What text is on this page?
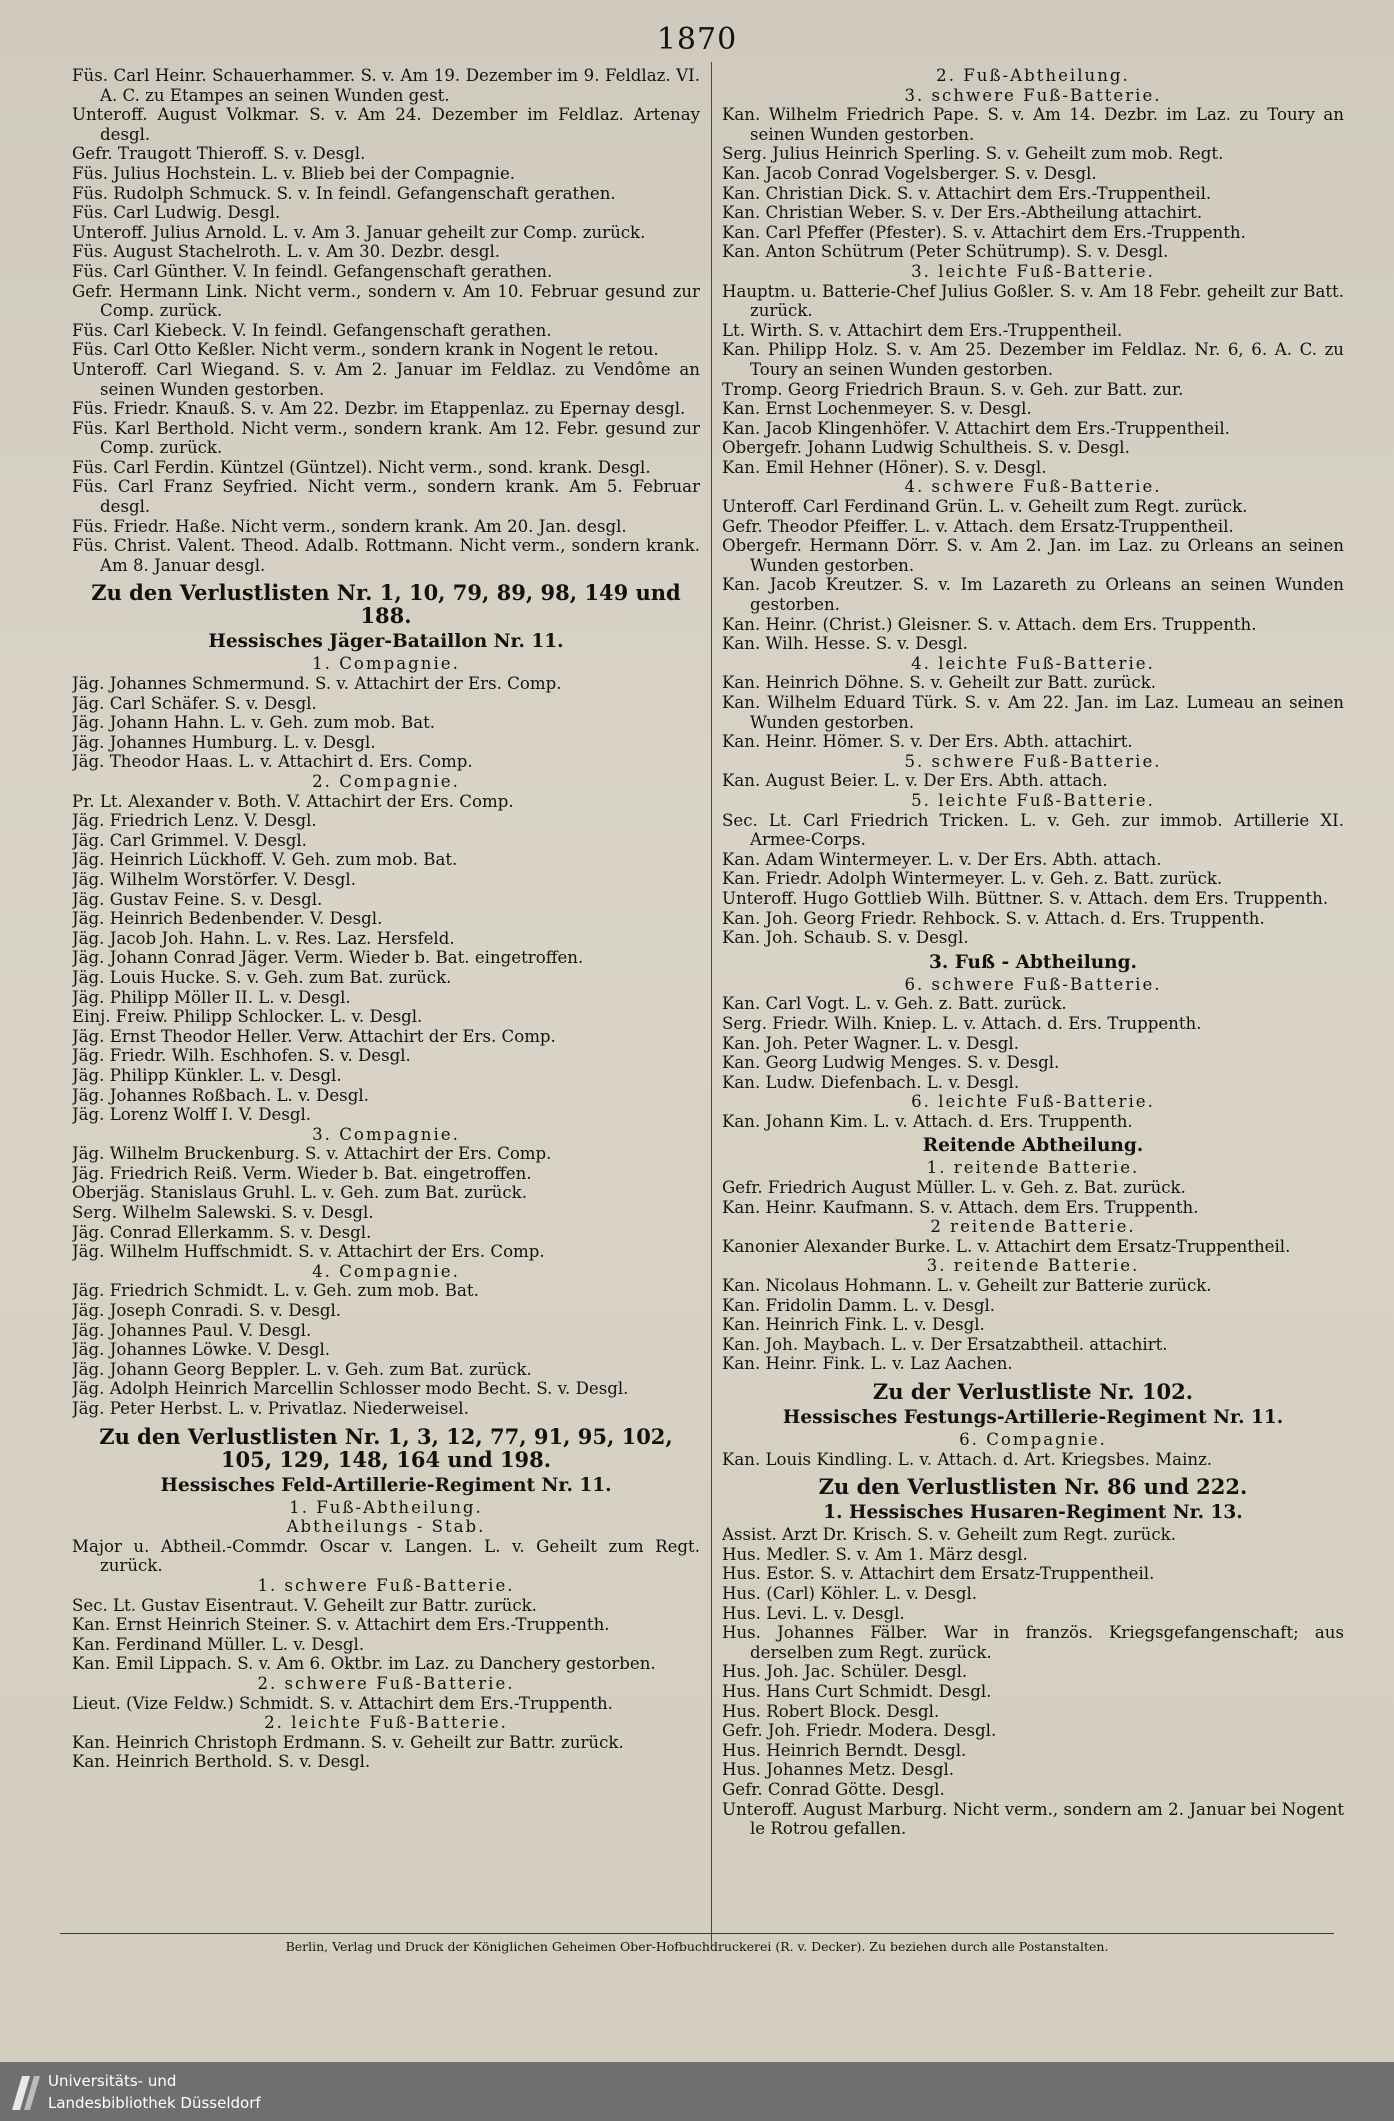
1870

Füs. Carl Heinr. Schauerhammer. S. v. Am 19. Dezember im 9. Feldlaz. VI. A. C. zu Etampes an seinen Wunden gest.

Unteroff. August Volkmar. S. v. Am 24. Dezember im Feldlaz. Artenay desgl.

Gefr. Traugott Thieroff. S. v. Desgl.

Füs. Julius Hochstein. L. v. Blieb bei der Compagnie.

Füs. Rudolph Schmuck. S. v. In feindl. Gefangenschaft gerathen.

Füs. Carl Ludwig. Desgl.

Unteroff. Julius Arnold. L. v. Am 3. Januar geheilt zur Comp. zurück.

Füs. August Stachelroth. L. v. Am 30. Dezbr. desgl.

Füs. Carl Günther. V. In feindl. Gefangenschaft gerathen.

Gefr. Hermann Link. Nicht verm., sondern v. Am 10. Februar gesund zur Comp. zurück.

Füs. Carl Kiebeck. V. In feindl. Gefangenschaft gerathen.

Füs. Carl Otto Keßler. Nicht verm., sondern krank in Nogent le retou.

Unteroff. Carl Wiegand. S. v. Am 2. Januar im Feldlaz. zu Vendôme an seinen Wunden gestorben.

Füs. Friedr. Knauß. S. v. Am 22. Dezbr. im Etappenlaz. zu Epernay desgl.

Füs. Karl Berthold. Nicht verm., sondern krank. Am 12. Febr. gesund zur Comp. zurück.

Füs. Carl Ferdin. Küntzel (Güntzel). Nicht verm., sond. krank. Desgl.

Füs. Carl Franz Seyfried. Nicht verm., sondern krank. Am 5. Februar desgl.

Füs. Friedr. Haße. Nicht verm., sondern krank. Am 20. Jan. desgl.

Füs. Christ. Valent. Theod. Adalb. Rottmann. Nicht verm., sondern krank. Am 8. Januar desgl.

Zu den Verlustlisten Nr. 1, 10, 79, 89, 98, 149 und 188.

Hessisches Jäger-Bataillon Nr. 11.

1. Compagnie.

Jäg. Johannes Schmermund. S. v. Attachirt der Ers. Comp.

Jäg. Carl Schäfer. S. v. Desgl.

Jäg. Johann Hahn. L. v. Geh. zum mob. Bat.

Jäg. Johannes Humburg. L. v. Desgl.

Jäg. Theodor Haas. L. v. Attachirt d. Ers. Comp.

2. Compagnie.

Pr. Lt. Alexander v. Both. V. Attachirt der Ers. Comp.

Jäg. Friedrich Lenz. V. Desgl.

Jäg. Carl Grimmel. V. Desgl.

Jäg. Heinrich Lückhoff. V. Geh. zum mob. Bat.

Jäg. Wilhelm Worstörfer. V. Desgl.

Jäg. Gustav Feine. S. v. Desgl.

Jäg. Heinrich Bedenbender. V. Desgl.

Jäg. Jacob Joh. Hahn. L. v. Res. Laz. Hersfeld.

Jäg. Johann Conrad Jäger. Verm. Wieder b. Bat. eingetroffen.

Jäg. Louis Hucke. S. v. Geh. zum Bat. zurück.

Jäg. Philipp Möller II. L. v. Desgl.

Einj. Freiw. Philipp Schlocker. L. v. Desgl.

Jäg. Ernst Theodor Heller. Verw. Attachirt der Ers. Comp.

Jäg. Friedr. Wilh. Eschhofen. S. v. Desgl.

Jäg. Philipp Künkler. L. v. Desgl.

Jäg. Johannes Roßbach. L. v. Desgl.

Jäg. Lorenz Wolff I. V. Desgl.

3. Compagnie.

Jäg. Wilhelm Bruckenburg. S. v. Attachirt der Ers. Comp.

Jäg. Friedrich Reiß. Verm. Wieder b. Bat. eingetroffen.

Oberjäg. Stanislaus Gruhl. L. v. Geh. zum Bat. zurück.

Serg. Wilhelm Salewski. S. v. Desgl.

Jäg. Conrad Ellerkamm. S. v. Desgl.

Jäg. Wilhelm Huffschmidt. S. v. Attachirt der Ers. Comp.

4. Compagnie.

Jäg. Friedrich Schmidt. L. v. Geh. zum mob. Bat.

Jäg. Joseph Conradi. S. v. Desgl.

Jäg. Johannes Paul. V. Desgl.

Jäg. Johannes Löwke. V. Desgl.

Jäg. Johann Georg Beppler. L. v. Geh. zum Bat. zurück.

Jäg. Adolph Heinrich Marcellin Schlosser modo Becht. S. v. Desgl.

Jäg. Peter Herbst. L. v. Privatlaz. Niederweisel.

Zu den Verlustlisten Nr. 1, 3, 12, 77, 91, 95, 102, 105, 129, 148, 164 und 198.

Hessisches Feld-Artillerie-Regiment Nr. 11.

1. Fuß-Abtheilung.

Abtheilungs - Stab.

Major u. Abtheil.-Commdr. Oscar v. Langen. L. v. Geheilt zum Regt. zurück.

1. schwere Fuß-Batterie.

Sec. Lt. Gustav Eisentraut. V. Geheilt zur Battr. zurück.

Kan. Ernst Heinrich Steiner. S. v. Attachirt dem Ers.-Truppenth.

Kan. Ferdinand Müller. L. v. Desgl.

Kan. Emil Lippach. S. v. Am 6. Oktbr. im Laz. zu Danchery gestorben.

2. schwere Fuß-Batterie.

Lieut. (Vize Feldw.) Schmidt. S. v. Attachirt dem Ers.-Truppenth.

2. leichte Fuß-Batterie.

Kan. Heinrich Christoph Erdmann. S. v. Geheilt zur Battr. zurück.

Kan. Heinrich Berthold. S. v. Desgl.

2. Fuß-Abtheilung.

3. schwere Fuß-Batterie.

Kan. Wilhelm Friedrich Pape. S. v. Am 14. Dezbr. im Laz. zu Toury an seinen Wunden gestorben.

Serg. Julius Heinrich Sperling. S. v. Geheilt zum mob. Regt.

Kan. Jacob Conrad Vogelsberger. S. v. Desgl.

Kan. Christian Dick. S. v. Attachirt dem Ers.-Truppentheil.

Kan. Christian Weber. S. v. Der Ers.-Abtheilung attachirt.

Kan. Carl Pfeffer (Pfester). S. v. Attachirt dem Ers.-Truppenth.

Kan. Anton Schütrum (Peter Schütrump). S. v. Desgl.

3. leichte Fuß-Batterie.

Hauptm. u. Batterie-Chef Julius Goßler. S. v. Am 18 Febr. geheilt zur Batt. zurück.

Lt. Wirth. S. v. Attachirt dem Ers.-Truppentheil.

Kan. Philipp Holz. S. v. Am 25. Dezember im Feldlaz. Nr. 6, 6. A. C. zu Toury an seinen Wunden gestorben.

Tromp. Georg Friedrich Braun. S. v. Geh. zur Batt. zur.

Kan. Ernst Lochenmeyer. S. v. Desgl.

Kan. Jacob Klingenhöfer. V. Attachirt dem Ers.-Truppentheil.

Obergefr. Johann Ludwig Schultheis. S. v. Desgl.

Kan. Emil Hehner (Höner). S. v. Desgl.

4. schwere Fuß-Batterie.

Unteroff. Carl Ferdinand Grün. L. v. Geheilt zum Regt. zurück.

Gefr. Theodor Pfeiffer. L. v. Attach. dem Ersatz-Truppentheil.

Obergefr. Hermann Dörr. S. v. Am 2. Jan. im Laz. zu Orleans an seinen Wunden gestorben.

Kan. Jacob Kreutzer. S. v. Im Lazareth zu Orleans an seinen Wunden gestorben.

Kan. Heinr. (Christ.) Gleisner. S. v. Attach. dem Ers. Truppenth.

Kan. Wilh. Hesse. S. v. Desgl.

4. leichte Fuß-Batterie.

Kan. Heinrich Döhne. S. v. Geheilt zur Batt. zurück.

Kan. Wilhelm Eduard Türk. S. v. Am 22. Jan. im Laz. Lumeau an seinen Wunden gestorben.

Kan. Heinr. Hömer. S. v. Der Ers. Abth. attachirt.

5. schwere Fuß-Batterie.

Kan. August Beier. L. v. Der Ers. Abth. attach.

5. leichte Fuß-Batterie.

Sec. Lt. Carl Friedrich Tricken. L. v. Geh. zur immob. Artillerie XI. Armee-Corps.

Kan. Adam Wintermeyer. L. v. Der Ers. Abth. attach.

Kan. Friedr. Adolph Wintermeyer. L. v. Geh. z. Batt. zurück.

Unteroff. Hugo Gottlieb Wilh. Büttner. S. v. Attach. dem Ers. Truppenth.

Kan. Joh. Georg Friedr. Rehbock. S. v. Attach. d. Ers. Truppenth.

Kan. Joh. Schaub. S. v. Desgl.

3. Fuß - Abtheilung.

6. schwere Fuß-Batterie.

Kan. Carl Vogt. L. v. Geh. z. Batt. zurück.

Serg. Friedr. Wilh. Kniep. L. v. Attach. d. Ers. Truppenth.

Kan. Joh. Peter Wagner. L. v. Desgl.

Kan. Georg Ludwig Menges. S. v. Desgl.

Kan. Ludw. Diefenbach. L. v. Desgl.

6. leichte Fuß-Batterie.

Kan. Johann Kim. L. v. Attach. d. Ers. Truppenth.

Reitende Abtheilung.

1. reitende Batterie.

Gefr. Friedrich August Müller. L. v. Geh. z. Bat. zurück.

Kan. Heinr. Kaufmann. S. v. Attach. dem Ers. Truppenth.

2 reitende Batterie.

Kanonier Alexander Burke. L. v. Attachirt dem Ersatz-Truppentheil.

3. reitende Batterie.

Kan. Nicolaus Hohmann. L. v. Geheilt zur Batterie zurück.

Kan. Fridolin Damm. L. v. Desgl.

Kan. Heinrich Fink. L. v. Desgl.

Kan. Joh. Maybach. L. v. Der Ersatzabtheil. attachirt.

Kan. Heinr. Fink. L. v. Laz Aachen.

Zu der Verlustliste Nr. 102.

Hessisches Festungs-Artillerie-Regiment Nr. 11.

6. Compagnie.

Kan. Louis Kindling. L. v. Attach. d. Art. Kriegsbes. Mainz.

Zu den Verlustlisten Nr. 86 und 222.

1. Hessisches Husaren-Regiment Nr. 13.

Assist. Arzt Dr. Krisch. S. v. Geheilt zum Regt. zurück.

Hus. Medler. S. v. Am 1. März desgl.

Hus. Estor. S. v. Attachirt dem Ersatz-Truppentheil.

Hus. (Carl) Köhler. L. v. Desgl.

Hus. Levi. L. v. Desgl.

Hus. Johannes Fälber. War in französ. Kriegsgefangenschaft; aus derselben zum Regt. zurück.

Hus. Joh. Jac. Schüler. Desgl.

Hus. Hans Curt Schmidt. Desgl.

Hus. Robert Block. Desgl.

Gefr. Joh. Friedr. Modera. Desgl.

Hus. Heinrich Berndt. Desgl.

Hus. Johannes Metz. Desgl.

Gefr. Conrad Götte. Desgl.

Unteroff. August Marburg. Nicht verm., sondern am 2. Januar bei Nogent le Rotrou gefallen.

Berlin, Verlag und Druck der Königlichen Geheimen Ober-Hofbuchdruckerei (R. v. Decker). Zu beziehen durch alle Postanstalten.
Universitäts- und
Landesbibliothek Düsseldorf
